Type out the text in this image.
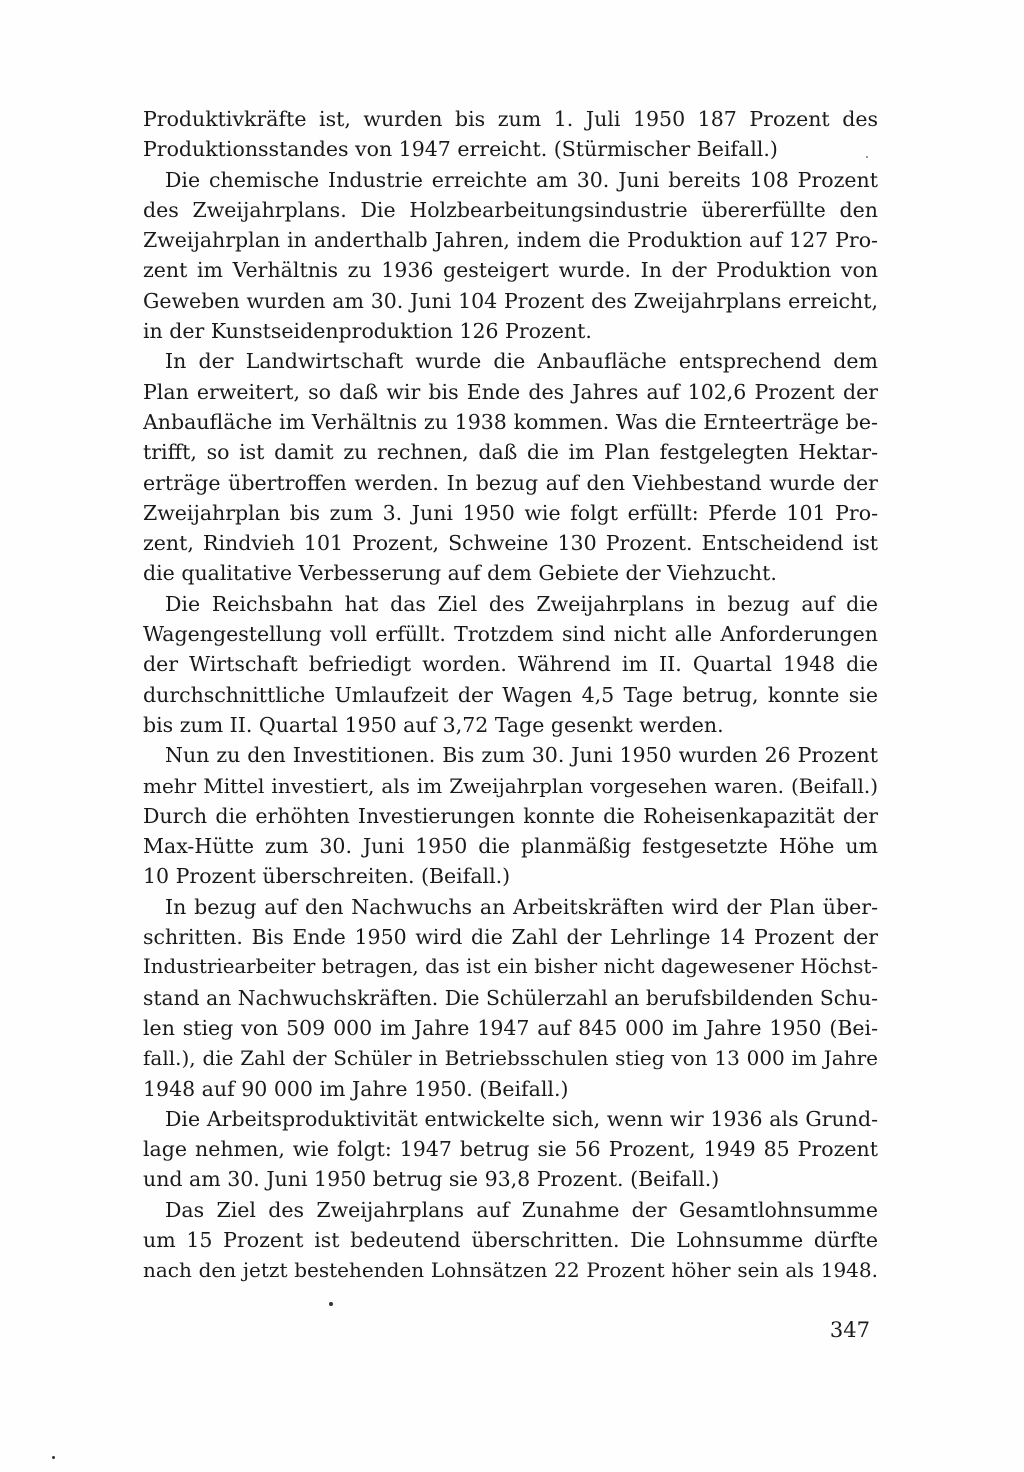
Produktivkräfte ist, wurden bis zum 1. Juli 1950 187 Prozent des
Produktionsstandes von 1947 erreicht. (Stürmischer Beifall.)
Die chemische Industrie erreichte am 30. Juni bereits 108 Prozent
des Zweijahrplans. Die Holzbearbeitungsindustrie übererfüllte den
Zweijahrplan in anderthalb Jahren, indem die Produktion auf 127 Pro-
zent im Verhältnis zu 1936 gesteigert wurde. In der Produktion von
Geweben wurden am 30. Juni 104 Prozent des Zweijahrplans erreicht,
in der Kunstseidenproduktion 126 Prozent.
In der Landwirtschaft wurde die Anbaufläche entsprechend dem
Plan erweitert, so daß wir bis Ende des Jahres auf 102,6 Prozent der
Anbaufläche im Verhältnis zu 1938 kommen. Was die Ernteerträge be-
trifft, so ist damit zu rechnen, daß die im Plan festgelegten Hektar-
erträge übertroffen werden. In bezug auf den Viehbestand wurde der
Zweijahrplan bis zum 3. Juni 1950 wie folgt erfüllt: Pferde 101 Pro-
zent, Rindvieh 101 Prozent, Schweine 130 Prozent. Entscheidend ist
die qualitative Verbesserung auf dem Gebiete der Viehzucht.
Die Reichsbahn hat das Ziel des Zweijahrplans in bezug auf die
Wagengestellung voll erfüllt. Trotzdem sind nicht alle Anforderungen
der Wirtschaft befriedigt worden. Während im II. Quartal 1948 die
durchschnittliche Umlaufzeit der Wagen 4,5 Tage betrug, konnte sie
bis zum II. Quartal 1950 auf 3,72 Tage gesenkt werden.
Nun zu den Investitionen. Bis zum 30. Juni 1950 wurden 26 Prozent
mehr Mittel investiert, als im Zweijahrplan vorgesehen waren. (Beifall.)
Durch die erhöhten Investierungen konnte die Roheisenkapazität der
Max-Hütte zum 30. Juni 1950 die planmäßig festgesetzte Höhe um
10 Prozent überschreiten. (Beifall.)
In bezug auf den Nachwuchs an Arbeitskräften wird der Plan über-
schritten. Bis Ende 1950 wird die Zahl der Lehrlinge 14 Prozent der
Industriearbeiter betragen, das ist ein bisher nicht dagewesener Höchst-
stand an Nachwuchskräften. Die Schülerzahl an berufsbildenden Schu-
len stieg von 509 000 im Jahre 1947 auf 845 000 im Jahre 1950 (Bei-
fall.), die Zahl der Schüler in Betriebsschulen stieg von 13 000 im Jahre
1948 auf 90 000 im Jahre 1950. (Beifall.)
Die Arbeitsproduktivität entwickelte sich, wenn wir 1936 als Grund-
lage nehmen, wie folgt: 1947 betrug sie 56 Prozent, 1949 85 Prozent
und am 30. Juni 1950 betrug sie 93,8 Prozent. (Beifall.)
Das Ziel des Zweijahrplans auf Zunahme der Gesamtlohnsumme
um 15 Prozent ist bedeutend überschritten. Die Lohnsumme dürfte
nach den jetzt bestehenden Lohnsätzen 22 Prozent höher sein als 1948.
347
